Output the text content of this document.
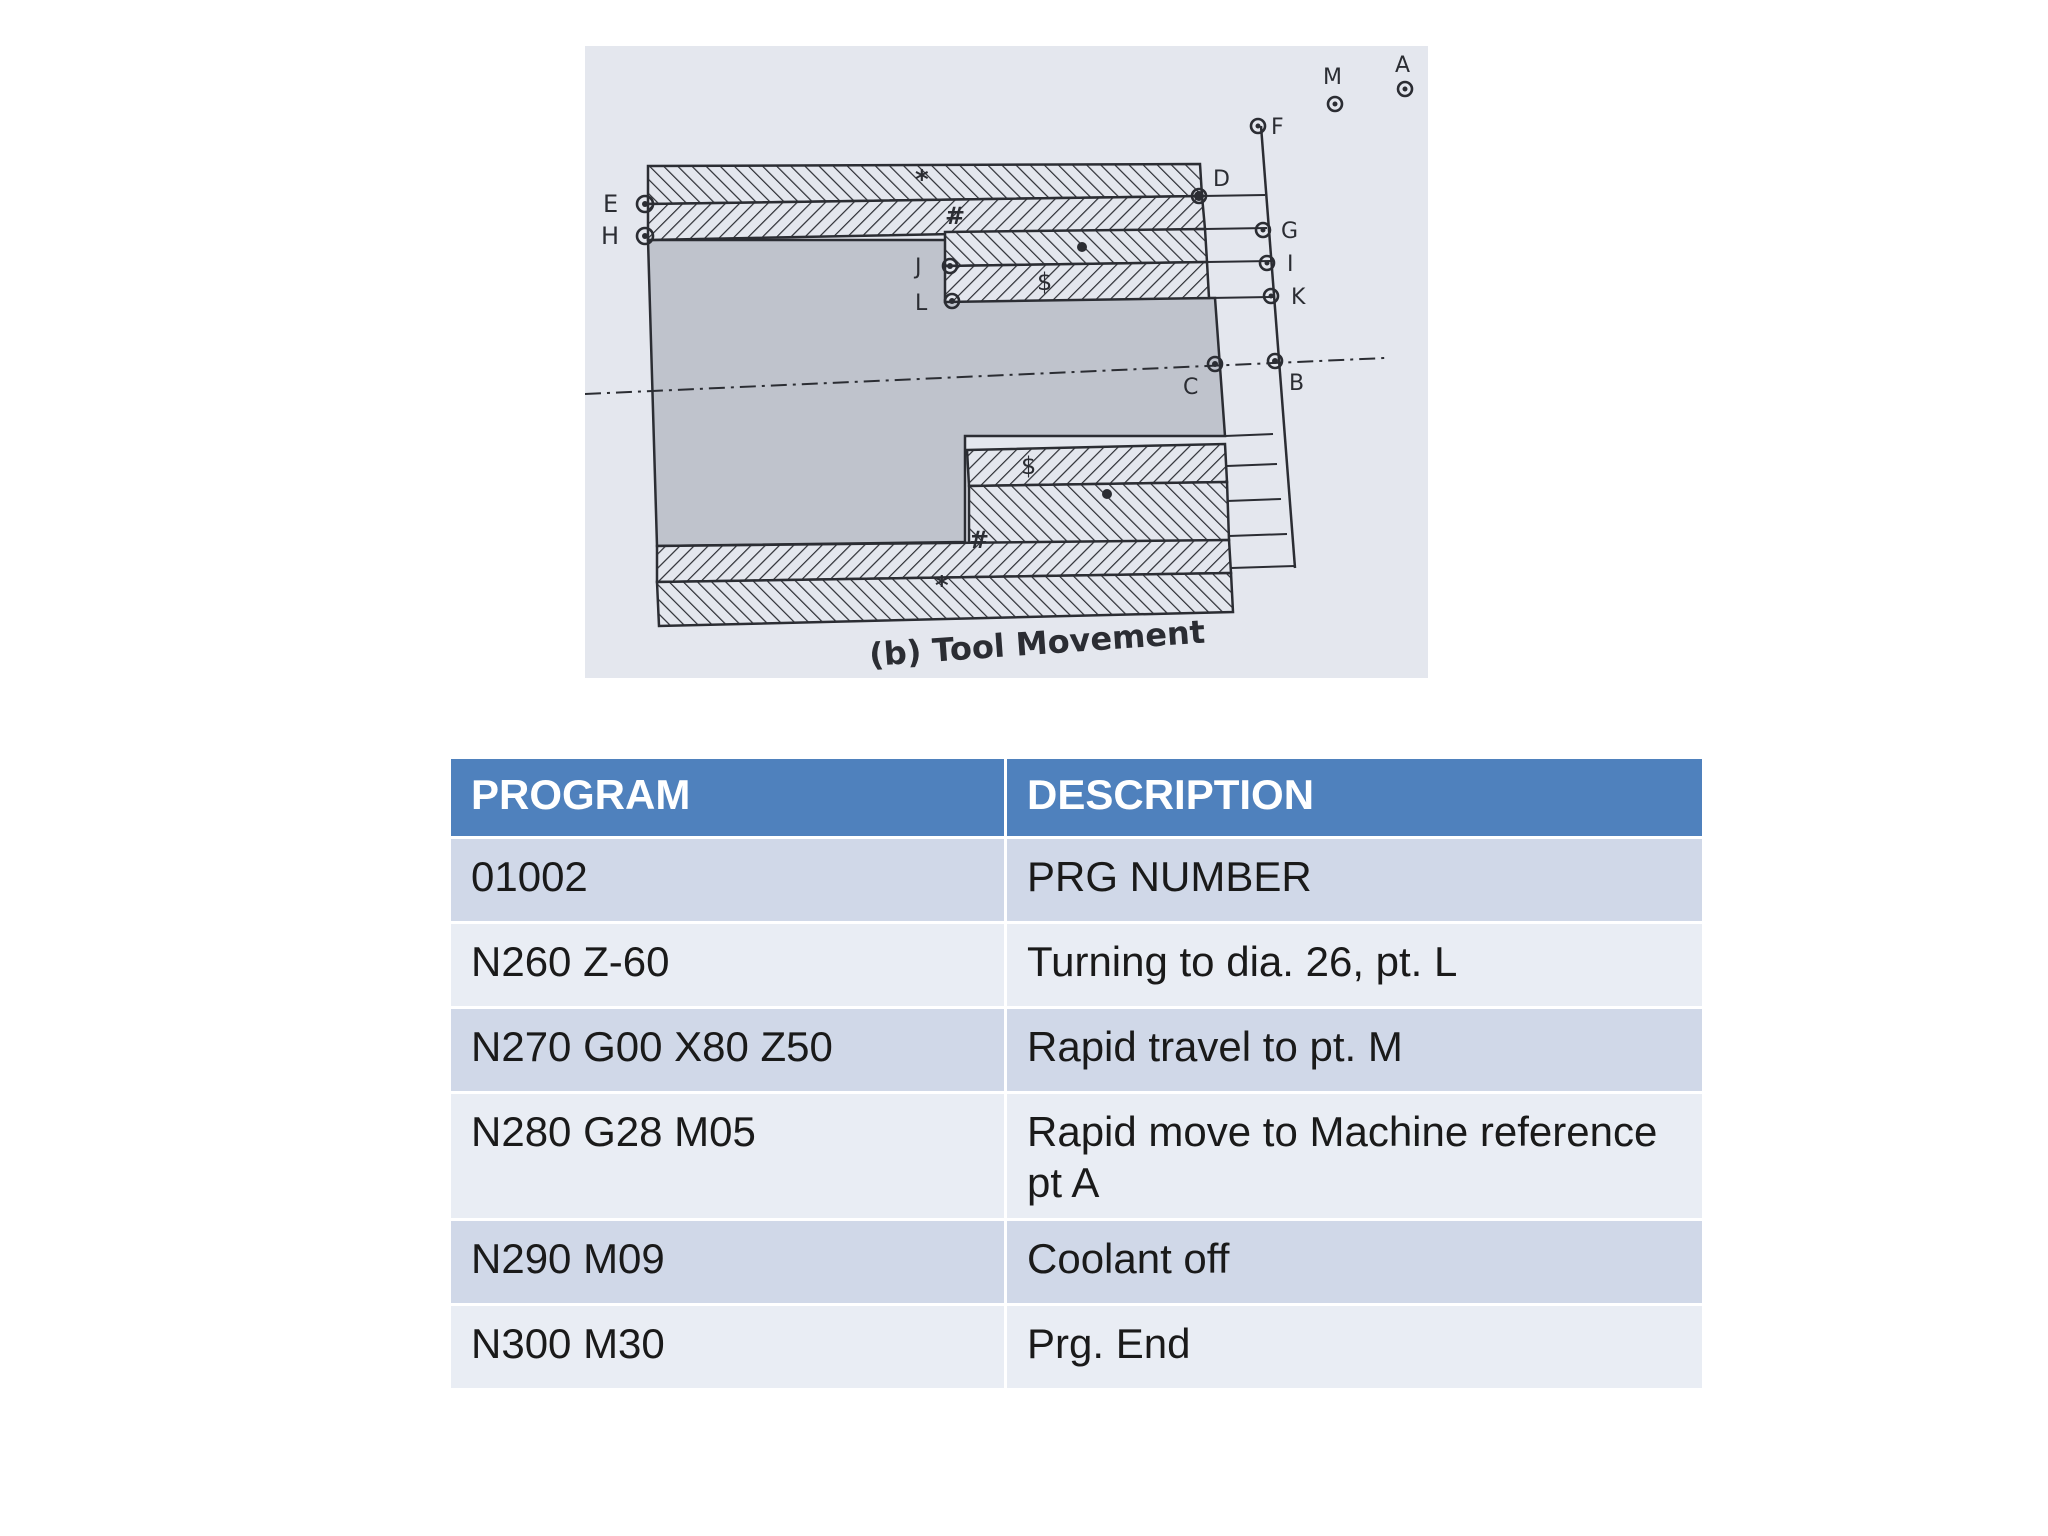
M A
F
D
E
H	G
I
K
J
L
C	B
*
#
$
$
#
*
(b) Tool Movement
PROGRAM	DESCRIPTION
01002	PRG NUMBER
N260 Z-60	Turning to dia. 26, pt. L
N270 G00 X80 Z50	Rapid travel to pt. M
N280 G28 M05	Rapid move to Machine reference pt A
N290 M09	Coolant off
N300 M30	Prg. End
